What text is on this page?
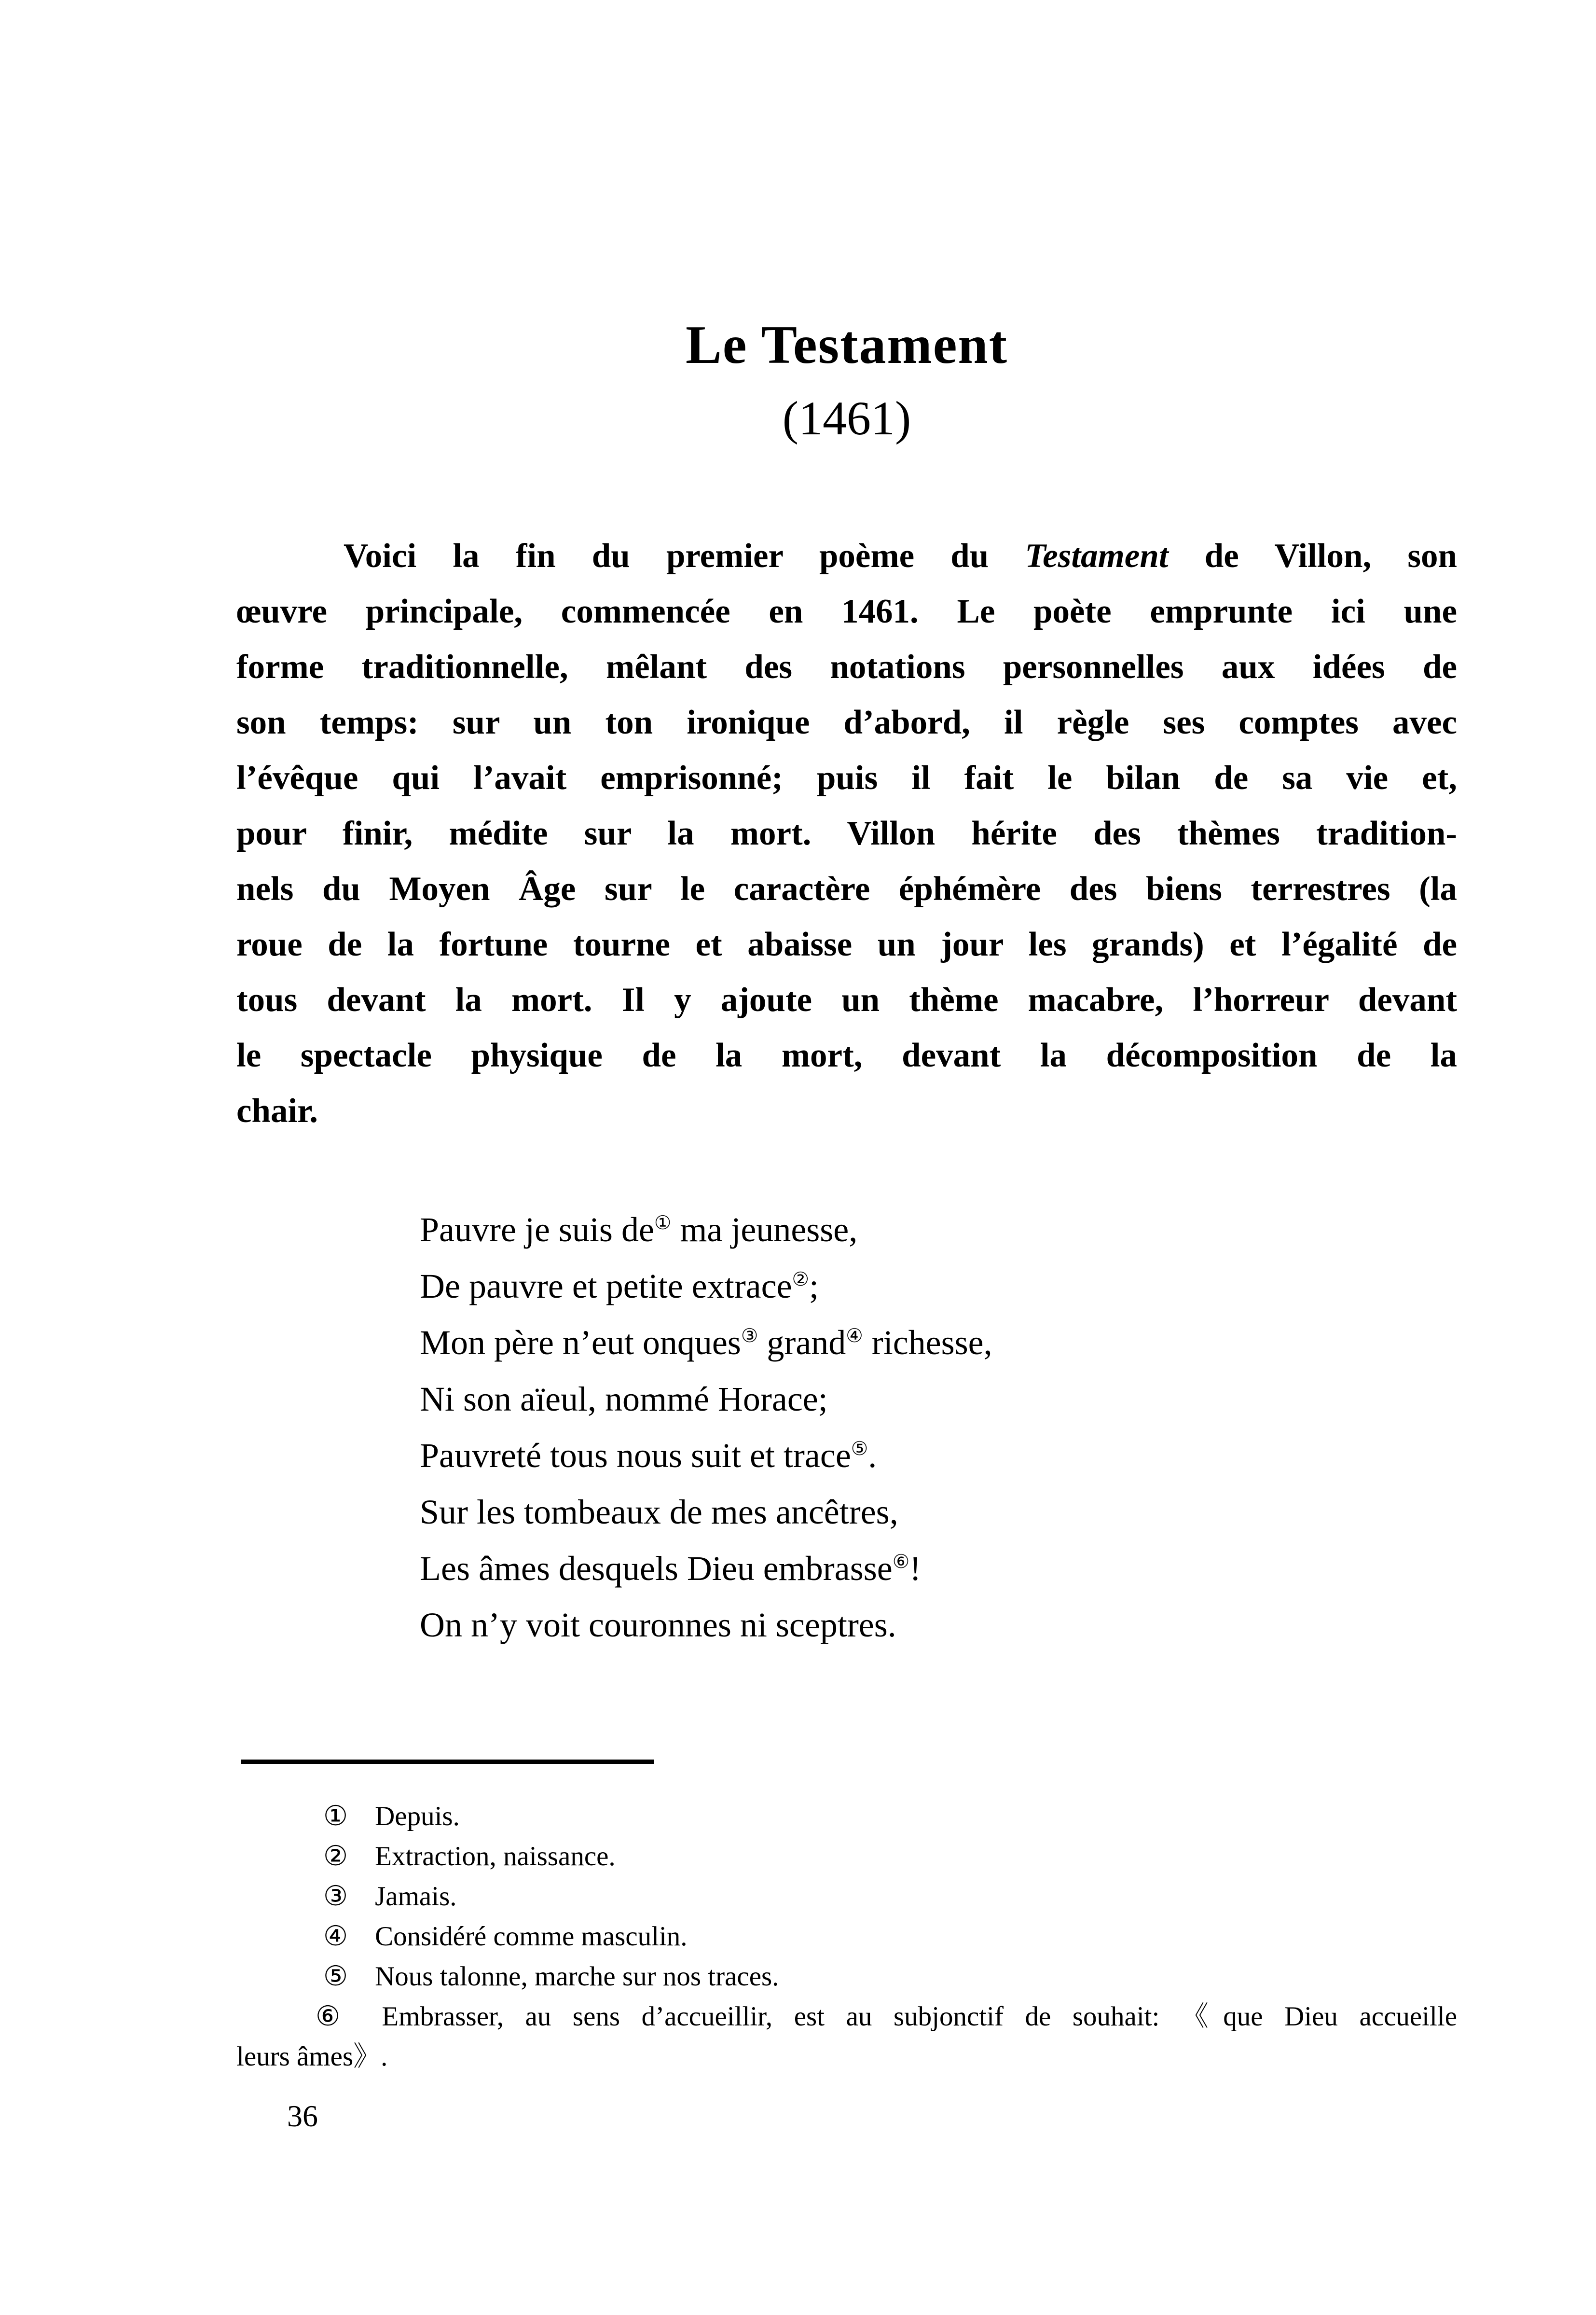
Le Testament
(1461)
Voici la fin du premier poème du Testament de Villon, son
œuvre principale, commencée en 1461. Le poète emprunte ici une
forme traditionnelle, mêlant des notations personnelles aux idées de
son temps: sur un ton ironique d’abord, il règle ses comptes avec
l’évêque qui l’avait emprisonné; puis il fait le bilan de sa vie et,
pour finir, médite sur la mort. Villon hérite des thèmes tradition-
nels du Moyen Âge sur le caractère éphémère des biens terrestres (la
roue de la fortune tourne et abaisse un jour les grands) et l’égalité de
tous devant la mort. Il y ajoute un thème macabre, l’horreur devant
le spectacle physique de la mort, devant la décomposition de la
chair.
Pauvre je suis de① ma jeunesse,
De pauvre et petite extrace②;
Mon père n’eut onques③ grand④ richesse,
Ni son aïeul, nommé Horace;
Pauvreté tous nous suit et trace⑤.
Sur les tombeaux de mes ancêtres,
Les âmes desquels Dieu embrasse⑥!
On n’y voit couronnes ni sceptres.
① Depuis.
② Extraction, naissance.
③ Jamais.
④ Considéré comme masculin.
⑤ Nous talonne, marche sur nos traces.
⑥ Embrasser, au sens d’accueillir, est au subjonctif de souhait: 《que Dieu accueille
leurs âmes》.
36
